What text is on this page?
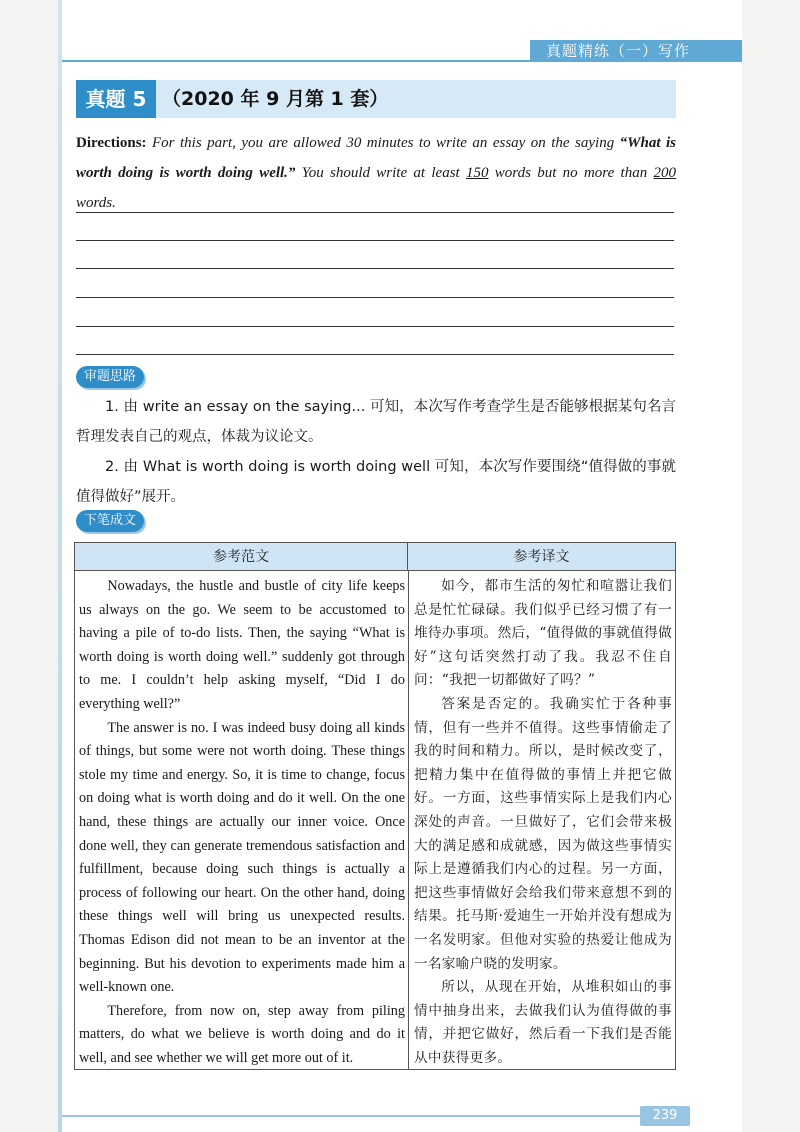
真题精练（一）写作
真题 5 （2020 年 9 月第 1 套）
Directions: For this part, you are allowed 30 minutes to write an essay on the saying “What is worth doing is worth doing well.” You should write at least 150 words but no more than 200 words.
审题思路
1. 由 write an essay on the saying... 可知，本次写作考查学生是否能够根据某句名言哲理发表自己的观点，体裁为议论文。
2. 由 What is worth doing is worth doing well 可知，本次写作要围绕“值得做的事就值得做好”展开。
下笔成文
参考范文	参考译文

Nowadays, the hustle and bustle of city life keeps us always on the go. We seem to be accustomed to having a pile of to-do lists. Then, the saying “What is worth doing is worth doing well.” suddenly got through to me. I couldn’t help asking myself, “Did I do everything well?”

The answer is no. I was indeed busy doing all kinds of things, but some were not worth doing. These things stole my time and energy. So, it is time to change, focus on doing what is worth doing and do it well. On the one hand, these things are actually our inner voice. Once done well, they can generate tremendous satisfaction and fulfillment, because doing such things is actually a process of following our heart. On the other hand, doing these things well will bring us unexpected results. Thomas Edison did not mean to be an inventor at the beginning. But his devotion to experiments made him a well-known one.

Therefore, from now on, step away from piling matters, do what we believe is worth doing and do it well, and see whether we will get more out of it.

如今，都市生活的匆忙和喧嚣让我们总是忙忙碌碌。我们似乎已经习惯了有一堆待办事项。然后，“值得做的事就值得做好”这句话突然打动了我。我忍不住自问：“我把一切都做好了吗？”

答案是否定的。我确实忙于各种事情，但有一些并不值得。这些事情偷走了我的时间和精力。所以，是时候改变了，把精力集中在值得做的事情上并把它做好。一方面，这些事情实际上是我们内心深处的声音。一旦做好了，它们会带来极大的满足感和成就感，因为做这些事情实际上是遵循我们内心的过程。另一方面，把这些事情做好会给我们带来意想不到的结果。托马斯·爱迪生一开始并没有想成为一名发明家。但他对实验的热爱让他成为一名家喻户晓的发明家。

所以，从现在开始，从堆积如山的事情中抽身出来，去做我们认为值得做的事情，并把它做好，然后看一下我们是否能从中获得更多。

239
